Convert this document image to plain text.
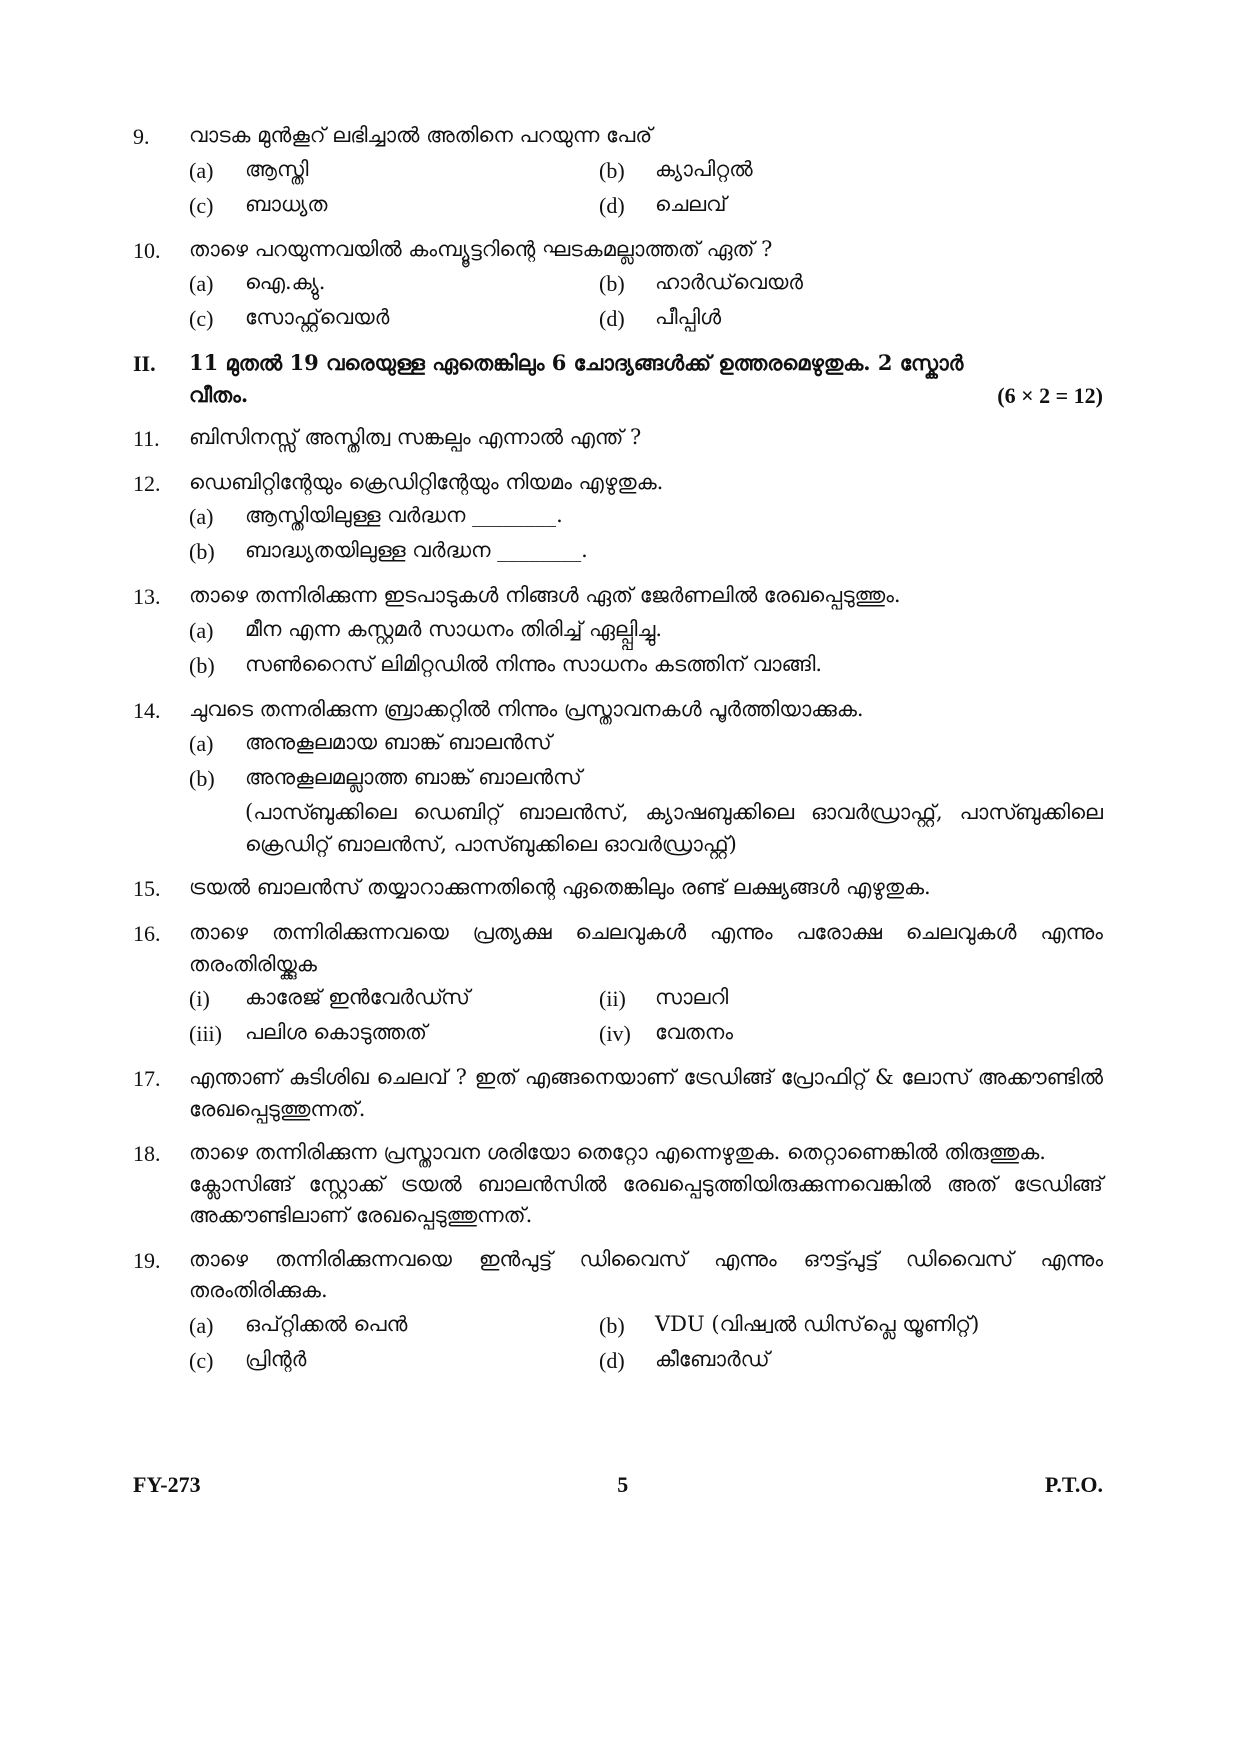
9.	വാടക മുൻകൂറ് ലഭിച്ചാൽ അതിനെ പറയുന്ന പേര്
(a)	ആസ്തി	(b)	ക്യാപിറ്റൽ
(c)	ബാധ്യത	(d)	ചെലവ്
10.	താഴെ പറയുന്നവയിൽ കംമ്പ്യൂട്ടറിന്റെ ഘടകമല്ലാത്തത് ഏത് ?
(a)	ഐ.ക്യു.	(b)	ഹാർഡ്‌വെയർ
(c)	സോഫ്റ്റ്‌വെയർ	(d)	പീപ്പിൾ
II.	11 മുതൽ 19 വരെയുള്ള ഏതെങ്കിലും 6 ചോദ്യങ്ങൾക്ക് ഉത്തരമെഴുതുക. 2 സ്കോർ
വീതം.	(6 × 2 = 12)
11.	ബിസിനസ്സ് അസ്തിത്വ സങ്കല്പം എന്നാൽ എന്ത് ?
12.	ഡെബിറ്റിന്റേയും ക്രെഡിറ്റിന്റേയും നിയമം എഴുതുക.
(a)	ആസ്തിയിലുള്ള വർദ്ധന ________.
(b)	ബാദ്ധ്യതയിലുള്ള വർദ്ധന ________.
13.	താഴെ തന്നിരിക്കുന്ന ഇടപാടുകൾ നിങ്ങൾ ഏത് ജേർണലിൽ രേഖപ്പെടുത്തും.
(a)	മീന എന്ന കസ്റ്റമർ സാധനം തിരിച്ച് ഏല്പ്പിച്ചു.
(b)	സൺറൈസ് ലിമിറ്റഡിൽ നിന്നും സാധനം കടത്തിന് വാങ്ങി.
14.	ചുവടെ തന്നരിക്കുന്ന ബ്രാക്കറ്റിൽ നിന്നും പ്രസ്താവനകൾ പൂർത്തിയാക്കുക.
(a)	അനുകൂലമായ ബാങ്ക് ബാലൻസ്
(b)	അനുകൂലമല്ലാത്ത ബാങ്ക് ബാലൻസ്
(പാസ്ബുക്കിലെ ഡെബിറ്റ് ബാലൻസ്, ക്യാഷബുക്കിലെ ഓവർഡ്രാഫ്റ്റ്, പാസ്ബുക്കിലെ ക്രെഡിറ്റ് ബാലൻസ്, പാസ്ബുക്കിലെ ഓവർഡ്രാഫ്റ്റ്)
15.	ട്രയൽ ബാലൻസ് തയ്യാറാക്കുന്നതിന്റെ ഏതെങ്കിലും രണ്ട് ലക്ഷ്യങ്ങൾ എഴുതുക.
16.	താഴെ തന്നിരിക്കുന്നവയെ പ്രത്യക്ഷ ചെലവുകൾ എന്നും പരോക്ഷ ചെലവുകൾ എന്നും തരംതിരിയ്ക്കുക
(i)	കാരേജ് ഇൻവേർഡ്സ്	(ii)	സാലറി
(iii)	പലിശ കൊടുത്തത്	(iv)	വേതനം
17.	എന്താണ് കുടിശിഖ ചെലവ് ? ഇത് എങ്ങനെയാണ് ട്രേഡിങ്ങ് പ്രോഫിറ്റ് & ലോസ് അക്കൗണ്ടിൽ രേഖപ്പെടുത്തുന്നത്.
18.	താഴെ തന്നിരിക്കുന്ന പ്രസ്താവന ശരിയോ തെറ്റോ എന്നെഴുതുക. തെറ്റാണെങ്കിൽ തിരുത്തുക.
ക്ലോസിങ്ങ് സ്റ്റോക്ക് ട്രയൽ ബാലൻസിൽ രേഖപ്പെടുത്തിയിരുക്കുന്നവെങ്കിൽ അത് ട്രേഡിങ്ങ് അക്കൗണ്ടിലാണ് രേഖപ്പെടുത്തുന്നത്.
19.	താഴെ തന്നിരിക്കുന്നവയെ ഇൻപുട്ട് ഡിവൈസ് എന്നും ഔട്ട്പുട്ട് ഡിവൈസ് എന്നും തരംതിരിക്കുക.
(a)	ഒപ്റ്റിക്കൽ പെൻ	(b)	VDU (വിഷ്വൽ ഡിസ്‌പ്ലെ യൂണിറ്റ്)
(c)	പ്രിന്റർ	(d)	കീബോർഡ്
FY-273	5	P.T.O.
